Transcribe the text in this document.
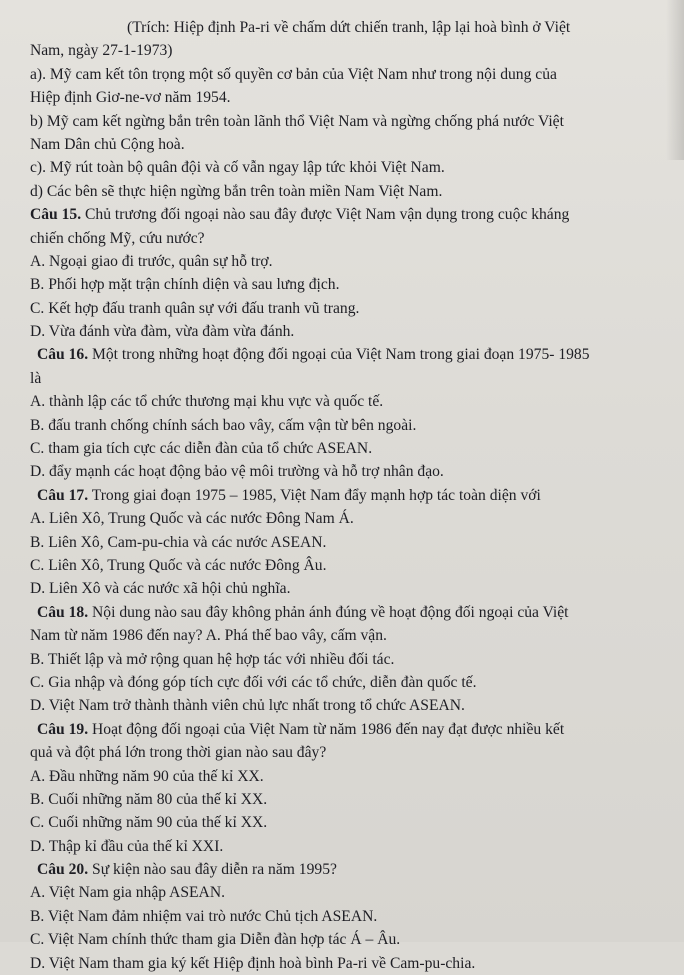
(Trích: Hiệp định Pa-ri về chấm dứt chiến tranh, lập lại hoà bình ở Việt
Nam, ngày 27-1-1973)
a). Mỹ cam kết tôn trọng một số quyền cơ bản của Việt Nam như trong nội dung của
Hiệp định Giơ-ne-vơ năm 1954.
b) Mỹ cam kết ngừng bắn trên toàn lãnh thổ Việt Nam và ngừng chống phá nước Việt
Nam Dân chủ Cộng hoà.
c). Mỹ rút toàn bộ quân đội và cố vẫn ngay lập tức khỏi Việt Nam.
d) Các bên sẽ thực hiện ngừng bắn trên toàn miền Nam Việt Nam.
Câu 15. Chủ trương đối ngoại nào sau đây được Việt Nam vận dụng trong cuộc kháng
chiến chống Mỹ, cứu nước?
A. Ngoại giao đi trước, quân sự hỗ trợ.
B. Phối hợp mặt trận chính diện và sau lưng địch.
C. Kết hợp đấu tranh quân sự với đấu tranh vũ trang.
D. Vừa đánh vừa đàm, vừa đàm vừa đánh.
Câu 16. Một trong những hoạt động đối ngoại của Việt Nam trong giai đoạn 1975- 1985
là
A. thành lập các tổ chức thương mại khu vực và quốc tế.
B. đấu tranh chống chính sách bao vây, cấm vận từ bên ngoài.
C. tham gia tích cực các diễn đàn của tổ chức ASEAN.
D. đẩy mạnh các hoạt động bảo vệ môi trường và hỗ trợ nhân đạo.
Câu 17. Trong giai đoạn 1975 – 1985, Việt Nam đẩy mạnh hợp tác toàn diện với
A. Liên Xô, Trung Quốc và các nước Đông Nam Á.
B. Liên Xô, Cam-pu-chia và các nước ASEAN.
C. Liên Xô, Trung Quốc và các nước Đông Âu.
D. Liên Xô và các nước xã hội chủ nghĩa.
Câu 18. Nội dung nào sau đây không phản ánh đúng về hoạt động đối ngoại của Việt
Nam từ năm 1986 đến nay? A. Phá thế bao vây, cấm vận.
B. Thiết lập và mở rộng quan hệ hợp tác với nhiều đối tác.
C. Gia nhập và đóng góp tích cực đối với các tổ chức, diễn đàn quốc tế.
D. Việt Nam trở thành thành viên chủ lực nhất trong tổ chức ASEAN.
Câu 19. Hoạt động đối ngoại của Việt Nam từ năm 1986 đến nay đạt được nhiều kết
quả và đột phá lớn trong thời gian nào sau đây?
A. Đầu những năm 90 của thế kỉ XX.
B. Cuối những năm 80 của thế kỉ XX.
C. Cuối những năm 90 của thế kỉ XX.
D. Thập kỉ đầu của thế kỉ XXI.
Câu 20. Sự kiện nào sau đây diễn ra năm 1995?
A. Việt Nam gia nhập ASEAN.
B. Việt Nam đảm nhiệm vai trò nước Chủ tịch ASEAN.
C. Việt Nam chính thức tham gia Diễn đàn hợp tác Á – Âu.
D. Việt Nam tham gia ký kết Hiệp định hoà bình Pa-ri về Cam-pu-chia.
